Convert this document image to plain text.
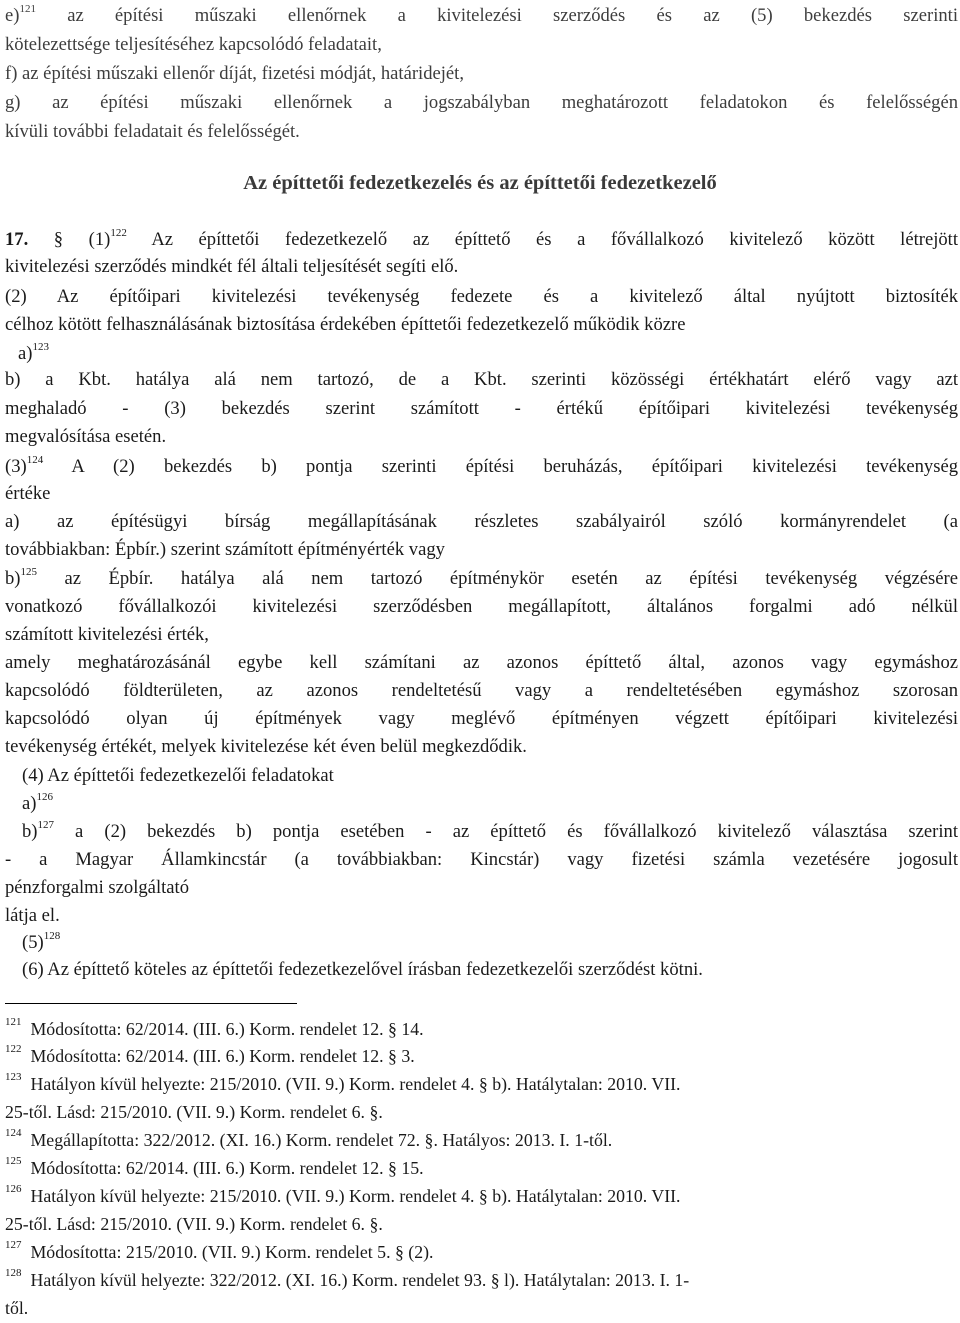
e)$^{121}$ az építési műszaki ellenőrnek a kivitelezési szerződés és az (5) bekezdés szerinti

kötelezettsége teljesítéséhez kapcsolódó feladatait,

f) az építési műszaki ellenőr díját, fizetési módját, határidejét,

g) az építési műszaki ellenőrnek a jogszabályban meghatározott feladatokon és felelősségén

kívüli további feladatait és felelősségét.

Az építtetői fedezetkezelés és az építtetői fedezetkezelő

17. § $(1)^{122}$ Az építtetői fedezetkezelő az építtető és a fővállalkozó kivitelező között létrejött

kivitelezési szerződés mindkét fél általi teljesítését segíti elő.

(2) Az építőipari kivitelezési tevékenység fedezete és a kivitelező által nyújtott biztosíték

célhoz kötött felhasználásának biztosítása érdekében építtetői fedezetkezelő működik közre

a)$^{123}$

b) a Kbt. hatálya alá nem tartozó, de a Kbt. szerinti közösségi értékhatárt elérő vagy azt

meghaladó - (3) bekezdés szerint számított - értékű építőipari kivitelezési tevékenység

megvalósítása esetén.

$(3)^{124}$ A (2) bekezdés b) pontja szerinti építési beruházás, építőipari kivitelezési tevékenység

értéke

a) az építésügyi bírság megállapításának részletes szabályairól szóló kormányrendelet (a

továbbiakban: Épbír.) szerint számított építményérték vagy

b)$^{125}$ az Épbír. hatálya alá nem tartozó építménykör esetén az építési tevékenység végzésére

vonatkozó fővállalkozói kivitelezési szerződésben megállapított, általános forgalmi adó nélkül

számított kivitelezési érték,

amely meghatározásánál egybe kell számítani az azonos építtető által, azonos vagy egymáshoz

kapcsolódó földterületen, az azonos rendeltetésű vagy a rendeltetésében egymáshoz szorosan

kapcsolódó olyan új építmények vagy meglévő építményen végzett építőipari kivitelezési

tevékenység értékét, melyek kivitelezése két éven belül megkezdődik.

(4) Az építtetői fedezetkezelői feladatokat

a)$^{126}$

b)$^{127}$ a (2) bekezdés b) pontja esetében - az építtető és fővállalkozó kivitelező választása szerint

- a Magyar Államkincstár (a továbbiakban: Kincstár) vagy fizetési számla vezetésére jogosult

pénzforgalmi szolgáltató

látja el.

$(5)^{128}$

(6) Az építtető köteles az építtetői fedezetkezelővel írásban fedezetkezelői szerződést kötni.

$^{121}$ Módosította: 62/2014. (III. 6.) Korm. rendelet 12. § 14.

$^{122}$ Módosította: 62/2014. (III. 6.) Korm. rendelet 12. § 3.

$^{123}$ Hatályon kívül helyezte: 215/2010. (VII. 9.) Korm. rendelet 4. § b). Hatálytalan: 2010. VII.

25-től. Lásd: 215/2010. (VII. 9.) Korm. rendelet 6. §.

$^{124}$ Megállapította: 322/2012. (XI. 16.) Korm. rendelet 72. §. Hatályos: 2013. I. 1-től.

$^{125}$ Módosította: 62/2014. (III. 6.) Korm. rendelet 12. § 15.

$^{126}$ Hatályon kívül helyezte: 215/2010. (VII. 9.) Korm. rendelet 4. § b). Hatálytalan: 2010. VII.

25-től. Lásd: 215/2010. (VII. 9.) Korm. rendelet 6. §.

$^{127}$ Módosította: 215/2010. (VII. 9.) Korm. rendelet 5. § (2).

$^{128}$ Hatályon kívül helyezte: 322/2012. (XI. 16.) Korm. rendelet 93. § l). Hatálytalan: 2013. I. 1-

től.
